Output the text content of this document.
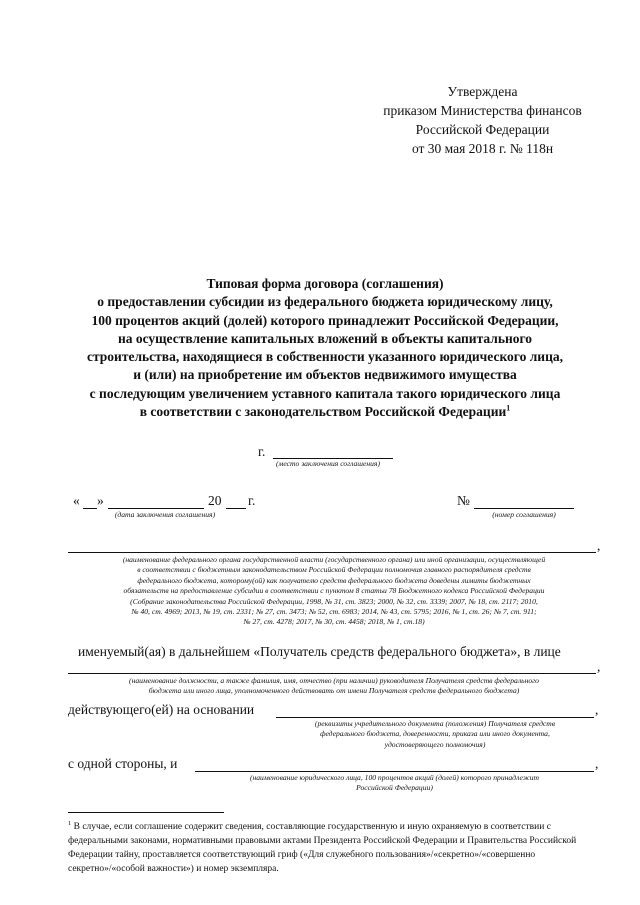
Утверждена
приказом Министерства финансов
Российской Федерации
от 30 мая 2018 г. № 118н
Типовая форма договора (соглашения)
о предоставлении субсидии из федерального бюджета юридическому лицу,
100 процентов акций (долей) которого принадлежит Российской Федерации,
на осуществление капитальных вложений в объекты капитального
строительства, находящиеся в собственности указанного юридического лица,
и (или) на приобретение им объектов недвижимого имущества
с последующим увеличением уставного капитала такого юридического лица
в соответствии с законодательством Российской Федерации$^1$
г.
(место заключения соглашения)
« »	20 г.
(дата заключения соглашения)
№
(номер соглашения)
,
(наименование федерального органа государственной власти (государственного органа) или иной организации, осуществляющей
в соответствии с бюджетным законодательством Российской Федерации полномочия главного распорядителя средств
федерального бюджета, которому(ой) как получателю средств федерального бюджета доведены лимиты бюджетных
обязательств на предоставление субсидии в соответствии с пунктом 8 статьи 78 Бюджетного кодекса Российской Федерации
(Собрание законодательства Российской Федерации, 1998, № 31, ст. 3823; 2000, № 32, ст. 3339; 2007, № 18, ст. 2117; 2010,
№ 40, ст. 4969; 2013, № 19, ст. 2331; № 27, ст. 3473; № 52, ст. 6983; 2014, № 43, ст. 5795; 2016, № 1, ст. 26; № 7, ст. 911;
№ 27, ст. 4278; 2017, № 30, ст. 4458; 2018, № 1, ст.18)
именуемый(ая) в дальнейшем «Получатель средств федерального бюджета», в лице
,
(наименование должности, а также фамилия, имя, отчество (при наличии) руководителя Получателя средств федерального
бюджета или иного лица, уполномоченного действовать от имени Получателя средств федерального бюджета)
действующего(ей) на основании	,
(реквизиты учредительного документа (положения) Получателя средств
федерального бюджета, доверенности, приказа или иного документа,
удостоверяющего полномочия)
с одной стороны, и	,
(наименование юридического лица, 100 процентов акций (долей) которого принадлежит
Российской Федерации)
$^1$ В случае, если соглашение содержит сведения, составляющие государственную и иную охраняемую в соответствии с федеральными законами, нормативными правовыми актами Президента Российской Федерации и Правительства Российской Федерации тайну, проставляется соответствующий гриф («Для служебного пользования»/«секретно»/«совершенно секретно»/«особой важности») и номер экземпляра.
